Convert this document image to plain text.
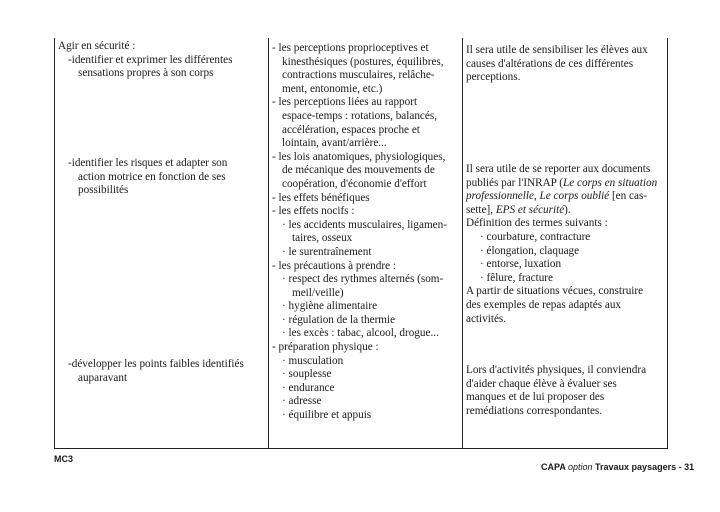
Agir en sécurité :
-identifier et exprimer les différentes
sensations propres à son corps
-identifier les risques et adapter son
action motrice en fonction de ses
possibilités
-développer les points faibles identifiés
auparavant
- les perceptions proprioceptives et
kinesthésiques (postures, équilibres,
contractions musculaires, relâche-
ment, entonomie, etc.)
- les perceptions liées au rapport
espace-temps : rotations, balancés,
accélération, espaces proche et
lointain, avant/arrière...
- les lois anatomiques, physiologiques,
de mécanique des mouvements de
coopération, d'économie d'effort
- les effets bénéfiques
- les effets nocifs :
· les accidents musculaires, ligamen-
taires, osseux
· le surentraînement
- les précautions à prendre :
· respect des rythmes alternés (som-
meil/veille)
· hygiène alimentaire
· régulation de la thermie
· les excès : tabac, alcool, drogue...
- préparation physique :
· musculation
· souplesse
· endurance
· adresse
· équilibre et appuis
Il sera utile de sensibiliser les élèves aux
causes d'altérations de ces différentes
perceptions.
Il sera utile de se reporter aux documents
publiés par l'INRAP (Le corps en situation
professionnelle, Le corps oublié [en cas-
sette], EPS et sécurité).
Définition des termes suivants :
· courbature, contracture
· élongation, claquage
· entorse, luxation
· fêlure, fracture
A partir de situations vécues, construire
des exemples de repas adaptés aux
activités.
Lors d'activités physiques, il conviendra
d'aider chaque élève à évaluer ses
manques et de lui proposer des
remédiations correspondantes.
MC3
CAPA option Travaux paysagers - 31
